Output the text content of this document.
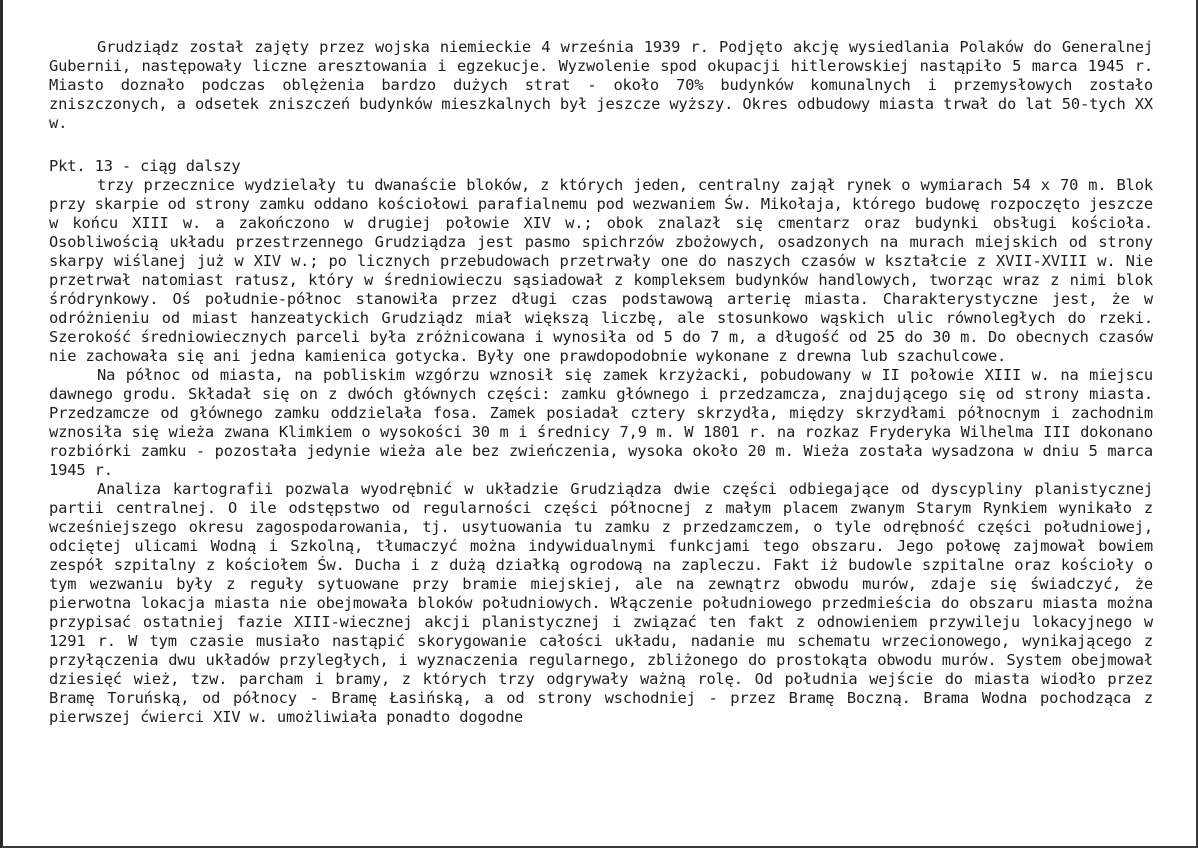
Grudziądz został zajęty przez wojska niemieckie 4 września 1939 r. Podjęto akcję wysiedlania Polaków do Generalnej Gubernii, następowały liczne aresztowania i egzekucje. Wyzwolenie spod okupacji hitlerowskiej nastąpiło 5 marca 1945 r. Miasto doznało podczas oblężenia bardzo dużych strat - około 70% budynków komunalnych i przemysłowych zostało zniszczonych, a odsetek zniszczeń budynków mieszkalnych był jeszcze wyższy. Okres odbudowy miasta trwał do lat 50-tych XX w.

Pkt. 13 - ciąg dalszy

trzy przecznice wydzielały tu dwanaście bloków, z których jeden, centralny zajął rynek o wymiarach 54 x 70 m. Blok przy skarpie od strony zamku oddano kościołowi parafialnemu pod wezwaniem Św. Mikołaja, którego budowę rozpoczęto jeszcze w końcu XIII w. a zakończono w drugiej połowie XIV w.; obok znalazł się cmentarz oraz budynki obsługi kościoła. Osobliwością układu przestrzennego Grudziądza jest pasmo spichrzów zbożowych, osadzonych na murach miejskich od strony skarpy wiślanej już w XIV w.; po licznych przebudowach przetrwały one do naszych czasów w kształcie z XVII-XVIII w. Nie przetrwał natomiast ratusz, który w średniowieczu sąsiadował z kompleksem budynków handlowych, tworząc wraz z nimi blok śródrynkowy. Oś południe-północ stanowiła przez długi czas podstawową arterię miasta. Charakterystyczne jest, że w odróżnieniu od miast hanzeatyckich Grudziądz miał większą liczbę, ale stosunkowo wąskich ulic równoległych do rzeki. Szerokość średniowiecznych parceli była zróżnicowana i wynosiła od 5 do 7 m, a długość od 25 do 30 m. Do obecnych czasów nie zachowała się ani jedna kamienica gotycka. Były one prawdopodobnie wykonane z drewna lub szachulcowe.

Na północ od miasta, na pobliskim wzgórzu wznosił się zamek krzyżacki, pobudowany w II połowie XIII w. na miejscu dawnego grodu. Składał się on z dwóch głównych części: zamku głównego i przedzamcza, znajdującego się od strony miasta. Przedzamcze od głównego zamku oddzielała fosa. Zamek posiadał cztery skrzydła, między skrzydłami północnym i zachodnim wznosiła się wieża zwana Klimkiem o wysokości 30 m i średnicy 7,9 m. W 1801 r. na rozkaz Fryderyka Wilhelma III dokonano rozbiórki zamku - pozostała jedynie wieża ale bez zwieńczenia, wysoka około 20 m. Wieża została wysadzona w dniu 5 marca 1945 r.

Analiza kartografii pozwala wyodrębnić w układzie Grudziądza dwie części odbiegające od dyscypliny planistycznej partii centralnej. O ile odstępstwo od regularności części północnej z małym placem zwanym Starym Rynkiem wynikało z wcześniejszego okresu zagospodarowania, tj. usytuowania tu zamku z przedzamczem, o tyle odrębność części południowej, odciętej ulicami Wodną i Szkolną, tłumaczyć można indywidualnymi funkcjami tego obszaru. Jego połowę zajmował bowiem zespół szpitalny z kościołem Św. Ducha i z dużą działką ogrodową na zapleczu. Fakt iż budowle szpitalne oraz kościoły o tym wezwaniu były z reguły sytuowane przy bramie miejskiej, ale na zewnątrz obwodu murów, zdaje się świadczyć, że pierwotna lokacja miasta nie obejmowała bloków południowych. Włączenie południowego przedmieścia do obszaru miasta można przypisać ostatniej fazie XIII-wiecznej akcji planistycznej i związać ten fakt z odnowieniem przywileju lokacyjnego w 1291 r. W tym czasie musiało nastąpić skorygowanie całości układu, nadanie mu schematu wrzecionowego, wynikającego z przyłączenia dwu układów przyległych, i wyznaczenia regularnego, zbliżonego do prostokąta obwodu murów. System obejmował dziesięć wież, tzw. parcham i bramy, z których trzy odgrywały ważną rolę. Od południa wejście do miasta wiodło przez Bramę Toruńską, od północy - Bramę Łasińską, a od strony wschodniej - przez Bramę Boczną. Brama Wodna pochodząca z pierwszej ćwierci XIV w. umożliwiała ponadto dogodne
